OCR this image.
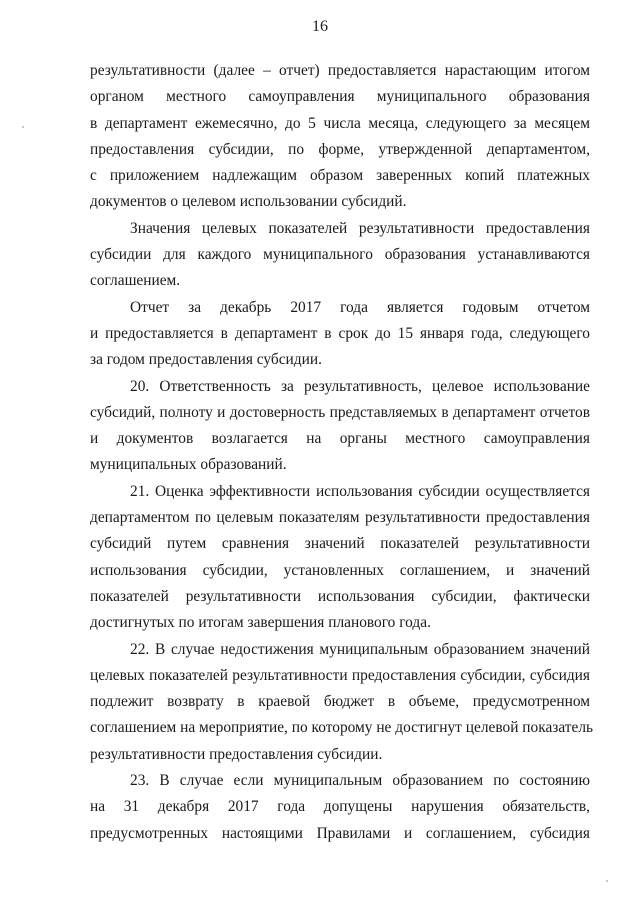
16
результативности (далее – отчет) предоставляется нарастающим итогом
органом местного самоуправления муниципального образования
в департамент ежемесячно, до 5 числа месяца, следующего за месяцем
предоставления субсидии, по форме, утвержденной департаментом,
с приложением надлежащим образом заверенных копий платежных
документов о целевом использовании субсидий.
Значения целевых показателей результативности предоставления
субсидии для каждого муниципального образования устанавливаются
соглашением.
Отчет за декабрь 2017 года является годовым отчетом
и предоставляется в департамент в срок до 15 января года, следующего
за годом предоставления субсидии.
20. Ответственность за результативность, целевое использование
субсидий, полноту и достоверность представляемых в департамент отчетов
и документов возлагается на органы местного самоуправления
муниципальных образований.
21. Оценка эффективности использования субсидии осуществляется
департаментом по целевым показателям результативности предоставления
субсидий путем сравнения значений показателей результативности
использования субсидии, установленных соглашением, и значений
показателей результативности использования субсидии, фактически
достигнутых по итогам завершения планового года.
22. В случае недостижения муниципальным образованием значений
целевых показателей результативности предоставления субсидии, субсидия
подлежит возврату в краевой бюджет в объеме, предусмотренном
соглашением на мероприятие, по которому не достигнут целевой показатель
результативности предоставления субсидии.
23. В случае если муниципальным образованием по состоянию
на 31 декабря 2017 года допущены нарушения обязательств,
предусмотренных настоящими Правилами и соглашением, субсидия
